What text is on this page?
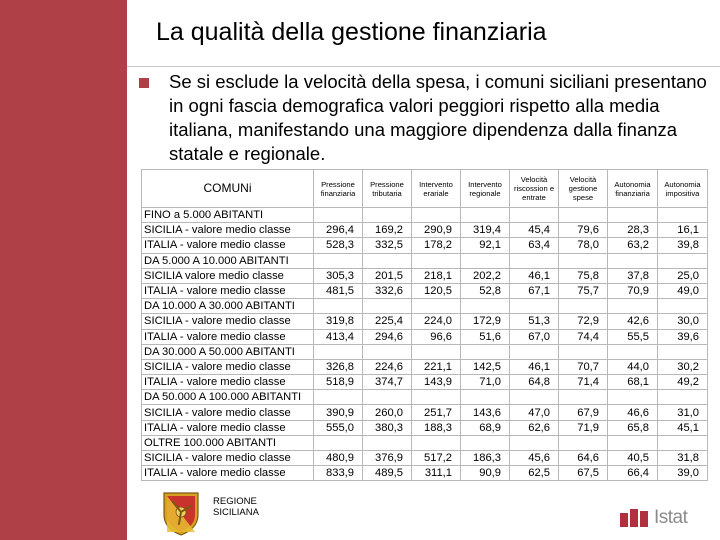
La qualità della gestione finanziaria
Se si esclude la velocità della spesa, i comuni siciliani presentano in ogni fascia demografica valori peggiori rispetto alla media italiana, manifestando una maggiore dipendenza dalla finanza statale e regionale.
COMUNi	Pressione finanziaria	Pressione tributaria	Intervento erariale	Intervento regionale	Velocità riscossion e entrate	Velocità gestione spese	Autonomia finanziaria	Autonomia impositiva
FINO a 5.000 ABITANTI								
SICILIA - valore medio classe	296,4	169,2	290,9	319,4	45,4	79,6	28,3	16,1
ITALIA - valore medio classe	528,3	332,5	178,2	92,1	63,4	78,0	63,2	39,8
DA 5.000 A 10.000 ABITANTI								
SICILIA valore medio classe	305,3	201,5	218,1	202,2	46,1	75,8	37,8	25,0
ITALIA - valore medio classe	481,5	332,6	120,5	52,8	67,1	75,7	70,9	49,0
DA 10.000 A 30.000 ABITANTI								
SICILIA - valore medio classe	319,8	225,4	224,0	172,9	51,3	72,9	42,6	30,0
ITALIA - valore medio classe	413,4	294,6	96,6	51,6	67,0	74,4	55,5	39,6
DA 30.000 A 50.000 ABITANTI								
SICILIA - valore medio classe	326,8	224,6	221,1	142,5	46,1	70,7	44,0	30,2
ITALIA - valore medio classe	518,9	374,7	143,9	71,0	64,8	71,4	68,1	49,2
DA 50.000 A 100.000 ABITANTI								
SICILIA - valore medio classe	390,9	260,0	251,7	143,6	47,0	67,9	46,6	31,0
ITALIA - valore medio classe	555,0	380,3	188,3	68,9	62,6	71,9	65,8	45,1
OLTRE 100.000 ABITANTI								
SICILIA - valore medio classe	480,9	376,9	517,2	186,3	45,6	64,6	40,5	31,8
ITALIA - valore medio classe	833,9	489,5	311,1	90,9	62,5	67,5	66,4	39,0
REGIONE
SICILIANA	Istat
